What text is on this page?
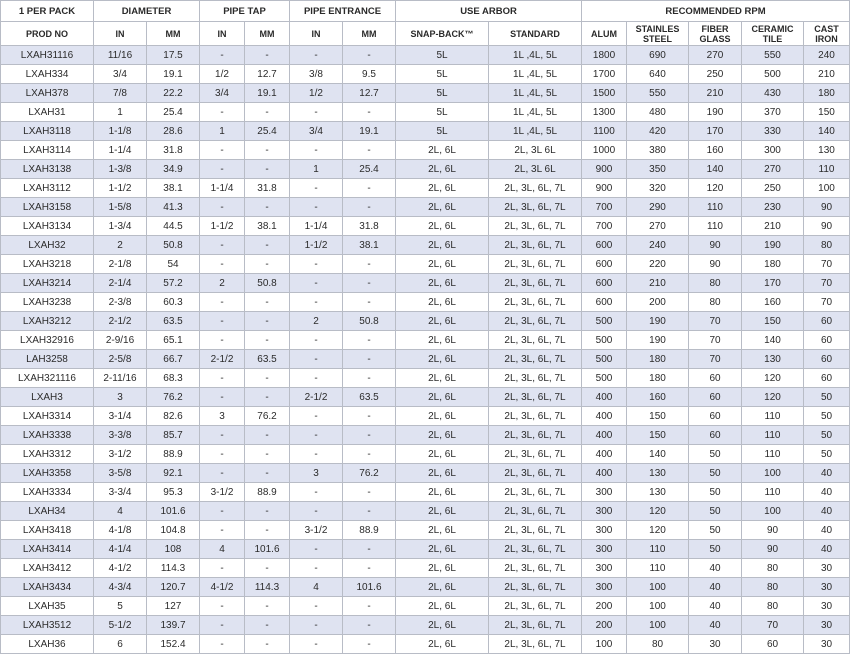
1 PER PACK	DIAMETER		PIPE TAP		PIPE ENTRANCE		USE ARBOR		RECOMMENDED RPM				
PROD NO	IN	MM	IN	MM	IN	MM	SNAP-BACK™	STANDARD	ALUM	STAINLES STEEL	FIBER GLASS	CERAMIC TILE	CAST IRON
LXAH31116	11/16	17.5	-	-	-	-	5L	1L ,4L, 5L	1800	690	270	550	240
LXAH334	3/4	19.1	1/2	12.7	3/8	9.5	5L	1L ,4L, 5L	1700	640	250	500	210
LXAH378	7/8	22.2	3/4	19.1	1/2	12.7	5L	1L ,4L, 5L	1500	550	210	430	180
LXAH31	1	25.4	-	-	-	-	5L	1L ,4L, 5L	1300	480	190	370	150
LXAH3118	1-1/8	28.6	1	25.4	3/4	19.1	5L	1L ,4L, 5L	1100	420	170	330	140
LXAH3114	1-1/4	31.8	-	-	-	-	2L, 6L	2L, 3L 6L	1000	380	160	300	130
LXAH3138	1-3/8	34.9	-	-	1	25.4	2L, 6L	2L, 3L 6L	900	350	140	270	110
LXAH3112	1-1/2	38.1	1-1/4	31.8	-	-	2L, 6L	2L, 3L, 6L, 7L	900	320	120	250	100
LXAH3158	1-5/8	41.3	-	-	-	-	2L, 6L	2L, 3L, 6L, 7L	700	290	110	230	90
LXAH3134	1-3/4	44.5	1-1/2	38.1	1-1/4	31.8	2L, 6L	2L, 3L, 6L, 7L	700	270	110	210	90
LXAH32	2	50.8	-	-	1-1/2	38.1	2L, 6L	2L, 3L, 6L, 7L	600	240	90	190	80
LXAH3218	2-1/8	54	-	-	-	-	2L, 6L	2L, 3L, 6L, 7L	600	220	90	180	70
LXAH3214	2-1/4	57.2	2	50.8	-	-	2L, 6L	2L, 3L, 6L, 7L	600	210	80	170	70
LXAH3238	2-3/8	60.3	-	-	-	-	2L, 6L	2L, 3L, 6L, 7L	600	200	80	160	70
LXAH3212	2-1/2	63.5	-	-	2	50.8	2L, 6L	2L, 3L, 6L, 7L	500	190	70	150	60
LXAH32916	2-9/16	65.1	-	-	-	-	2L, 6L	2L, 3L, 6L, 7L	500	190	70	140	60
LAH3258	2-5/8	66.7	2-1/2	63.5	-	-	2L, 6L	2L, 3L, 6L, 7L	500	180	70	130	60
LXAH321116	2-11/16	68.3	-	-	-	-	2L, 6L	2L, 3L, 6L, 7L	500	180	60	120	60
LXAH3	3	76.2	-	-	2-1/2	63.5	2L, 6L	2L, 3L, 6L, 7L	400	160	60	120	50
LXAH3314	3-1/4	82.6	3	76.2	-	-	2L, 6L	2L, 3L, 6L, 7L	400	150	60	110	50
LXAH3338	3-3/8	85.7	-	-	-	-	2L, 6L	2L, 3L, 6L, 7L	400	150	60	110	50
LXAH3312	3-1/2	88.9	-	-	-	-	2L, 6L	2L, 3L, 6L, 7L	400	140	50	110	50
LXAH3358	3-5/8	92.1	-	-	3	76.2	2L, 6L	2L, 3L, 6L, 7L	400	130	50	100	40
LXAH3334	3-3/4	95.3	3-1/2	88.9	-	-	2L, 6L	2L, 3L, 6L, 7L	300	130	50	110	40
LXAH34	4	101.6	-	-	-	-	2L, 6L	2L, 3L, 6L, 7L	300	120	50	100	40
LXAH3418	4-1/8	104.8	-	-	3-1/2	88.9	2L, 6L	2L, 3L, 6L, 7L	300	120	50	90	40
LXAH3414	4-1/4	108	4	101.6	-	-	2L, 6L	2L, 3L, 6L, 7L	300	110	50	90	40
LXAH3412	4-1/2	114.3	-	-	-	-	2L, 6L	2L, 3L, 6L, 7L	300	110	40	80	30
LXAH3434	4-3/4	120.7	4-1/2	114.3	4	101.6	2L, 6L	2L, 3L, 6L, 7L	300	100	40	80	30
LXAH35	5	127	-	-	-	-	2L, 6L	2L, 3L, 6L, 7L	200	100	40	80	30
LXAH3512	5-1/2	139.7	-	-	-	-	2L, 6L	2L, 3L, 6L, 7L	200	100	40	70	30
LXAH36	6	152.4	-	-	-	-	2L, 6L	2L, 3L, 6L, 7L	100	80	30	60	30
